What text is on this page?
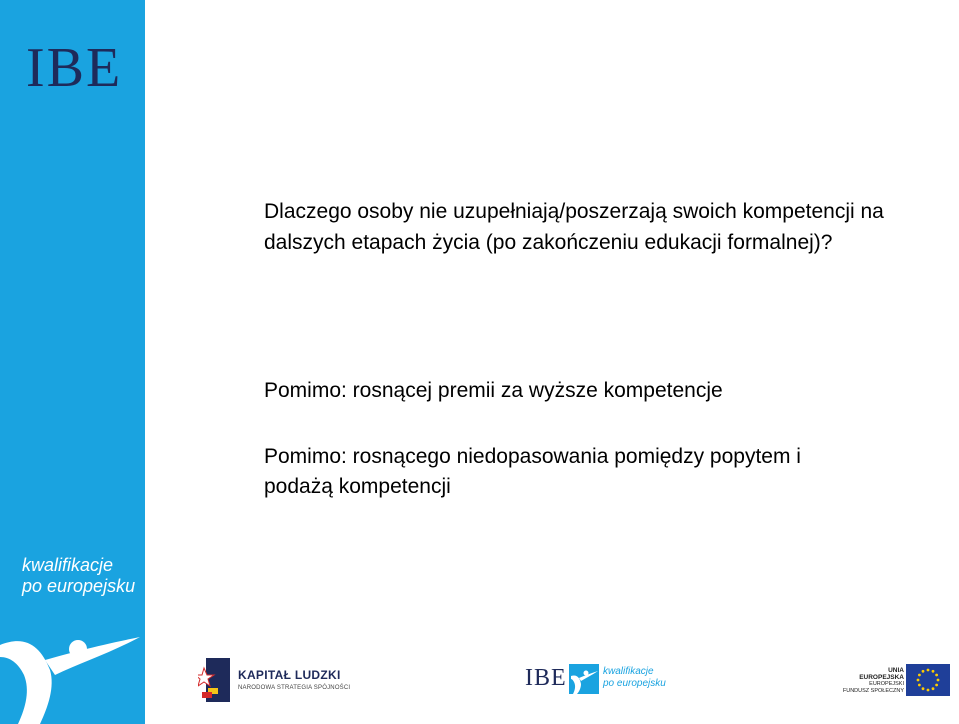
IBE
kwalifikacje
po europejsku

Dlaczego osoby nie uzupełniają/poszerzają swoich kompetencji na dalszych etapach życia (po zakończeniu edukacji formalnej)?

Pomimo: rosnącej premii za wyższe kompetencje

Pomimo: rosnącego niedopasowania pomiędzy popytem i podażą kompetencji

KAPITAŁ LUDZKI
NARODOWA STRATEGIA SPÓJNOŚCI	IBE	kwalifikacje
po europejsku
UNIA EUROPEJSKA
EUROPEJSKI
FUNDUSZ SPOŁECZNY
